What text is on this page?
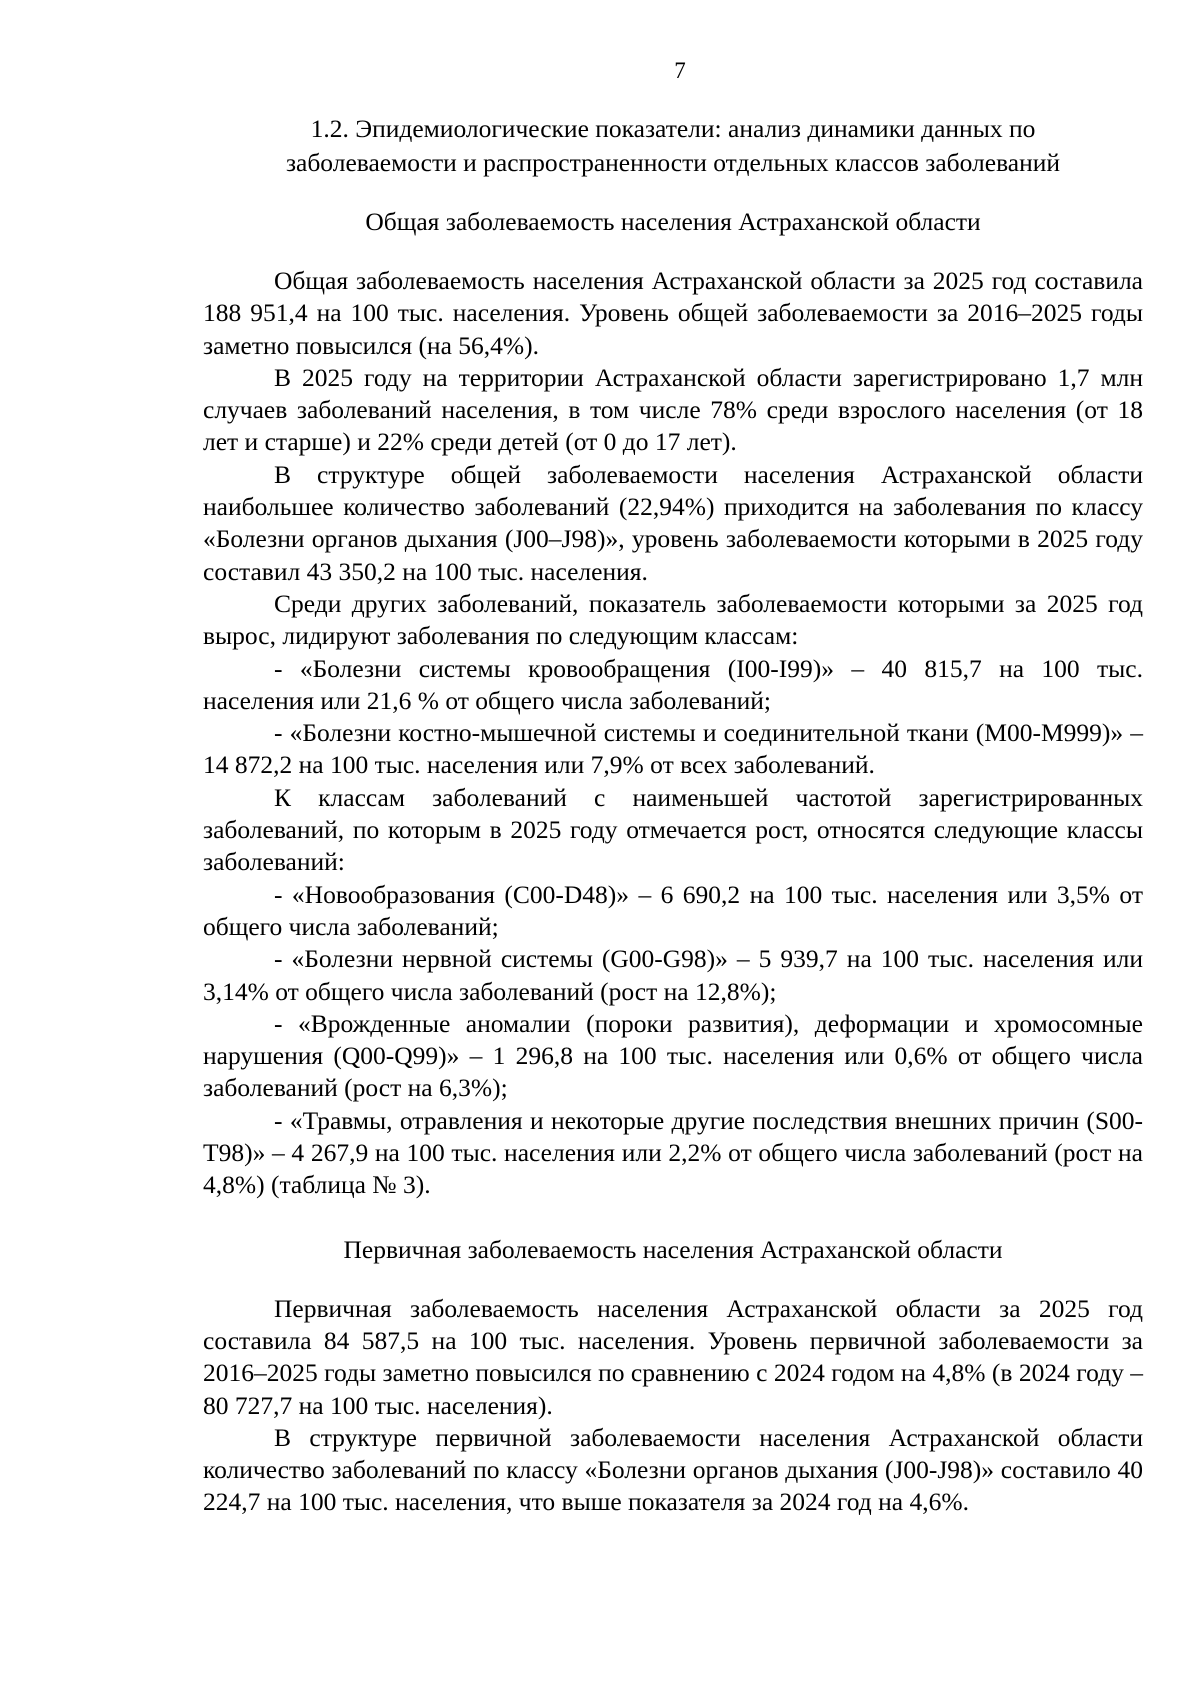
7
1.2. Эпидемиологические показатели: анализ динамики данных по
заболеваемости и распространенности отдельных классов заболеваний
Общая заболеваемость населения Астраханской области

Общая заболеваемость населения Астраханской области за 2025 год составила 188 951,4 на 100 тыс. населения. Уровень общей заболеваемости за 2016–2025 годы заметно повысился (на 56,4%).

В 2025 году на территории Астраханской области зарегистрировано 1,7 млн случаев заболеваний населения, в том числе 78% среди взрослого населения (от 18 лет и старше) и 22% среди детей (от 0 до 17 лет).

В структуре общей заболеваемости населения Астраханской области наибольшее количество заболеваний (22,94%) приходится на заболевания по классу «Болезни органов дыхания (J00–J98)», уровень заболеваемости которыми в 2025 году составил 43 350,2 на 100 тыс. населения.

Среди других заболеваний, показатель заболеваемости которыми за 2025 год вырос, лидируют заболевания по следующим классам:

- «Болезни системы кровообращения (I00-I99)» – 40 815,7 на 100 тыс. населения или 21,6 % от общего числа заболеваний;

- «Болезни костно-мышечной системы и соединительной ткани (M00-M999)» – 14 872,2 на 100 тыс. населения или 7,9% от всех заболеваний.

К классам заболеваний с наименьшей частотой зарегистрированных заболеваний, по которым в 2025 году отмечается рост, относятся следующие классы заболеваний:

- «Новообразования (C00-D48)» – 6 690,2 на 100 тыс. населения или 3,5% от общего числа заболеваний;

- «Болезни нервной системы (G00-G98)» – 5 939,7 на 100 тыс. населения или 3,14% от общего числа заболеваний (рост на 12,8%);

- «Врожденные аномалии (пороки развития), деформации и хромосомные нарушения (Q00-Q99)» – 1 296,8 на 100 тыс. населения или 0,6% от общего числа заболеваний (рост на 6,3%);

- «Травмы, отравления и некоторые другие последствия внешних причин (S00-T98)» – 4 267,9 на 100 тыс. населения или 2,2% от общего числа заболеваний (рост на 4,8%) (таблица № 3).

Первичная заболеваемость населения Астраханской области

Первичная заболеваемость населения Астраханской области за 2025 год составила 84 587,5 на 100 тыс. населения. Уровень первичной заболеваемости за 2016–2025 годы заметно повысился по сравнению с 2024 годом на 4,8% (в 2024 году – 80 727,7 на 100 тыс. населения).

В структуре первичной заболеваемости населения Астраханской области количество заболеваний по классу «Болезни органов дыхания (J00-J98)» составило 40 224,7 на 100 тыс. населения, что выше показателя за 2024 год на 4,6%.
